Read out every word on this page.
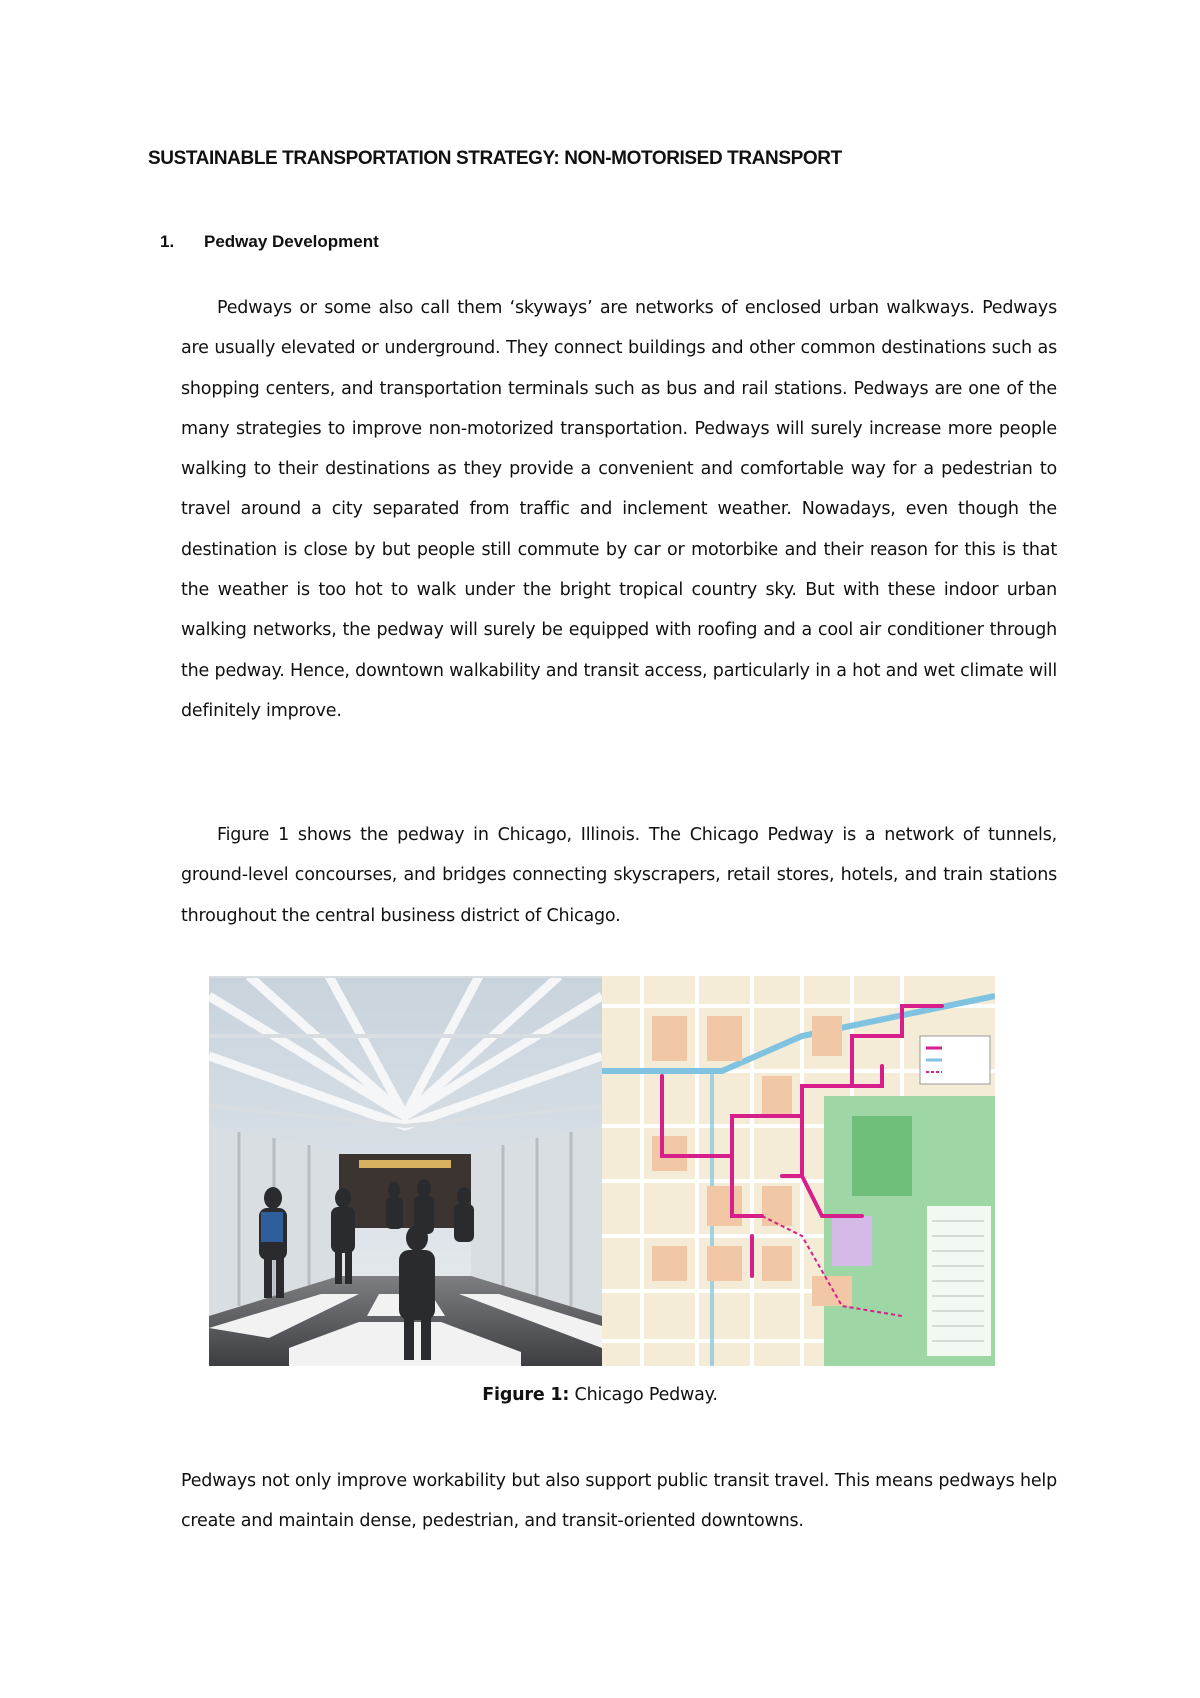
SUSTAINABLE TRANSPORTATION STRATEGY: NON-MOTORISED TRANSPORT
1. Pedway Development

Pedways or some also call them ‘skyways’ are networks of enclosed urban walkways. Pedways are usually elevated or underground. They connect buildings and other common destinations such as shopping centers, and transportation terminals such as bus and rail stations. Pedways are one of the many strategies to improve non-motorized transportation. Pedways will surely increase more people walking to their destinations as they provide a convenient and comfortable way for a pedestrian to travel around a city separated from traffic and inclement weather. Nowadays, even though the destination is close by but people still commute by car or motorbike and their reason for this is that the weather is too hot to walk under the bright tropical country sky. But with these indoor urban walking networks, the pedway will surely be equipped with roofing and a cool air conditioner through the pedway. Hence, downtown walkability and transit access, particularly in a hot and wet climate will definitely improve.

Figure 1 shows the pedway in Chicago, Illinois. The Chicago Pedway is a network of tunnels, ground-level concourses, and bridges connecting skyscrapers, retail stores, hotels, and train stations throughout the central business district of Chicago.

Figure 1: Chicago Pedway.

Pedways not only improve workability but also support public transit travel. This means pedways help create and maintain dense, pedestrian, and transit-oriented downtowns.
